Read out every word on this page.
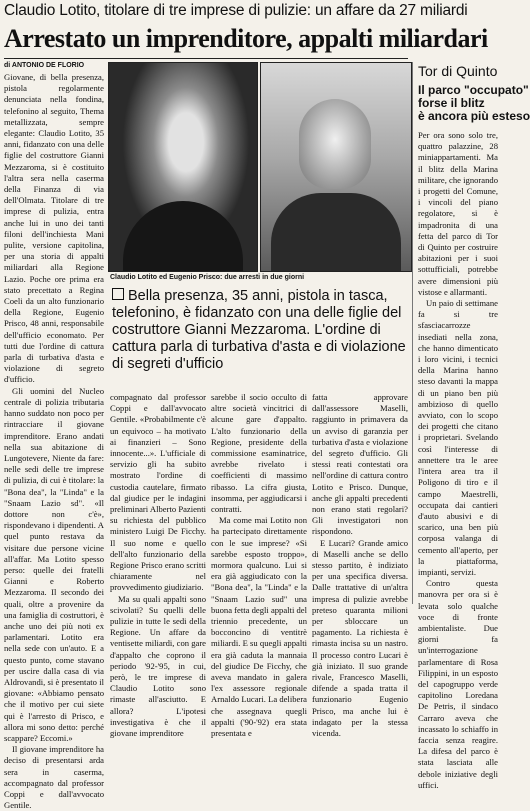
Claudio Lotito, titolare di tre imprese di pulizie: un affare da 27 miliardi
Arrestato un imprenditore, appalti miliardari
di ANTONIO DE FLORIO

Giovane, di bella presenza, pistola regolarmente denunciata nella fondina, telefonino al seguito, Thema metallizzata, sempre elegante: Claudio Lotito, 35 anni, fidanzato con una delle figlie del costruttore Gianni Mezzaroma, si è costituito l'altra sera nella caserma della Finanza di via dell'Olmata. Titolare di tre imprese di pulizia, entra anche lui in uno dei tanti filoni dell'inchiesta Mani pulite, versione capitolina, per una storia di appalti miliardari alla Regione Lazio. Poche ore prima era stato precettato a Regina Coeli da un alto funzionario della Regione, Eugenio Prisco, 48 anni, responsabile dell'ufficio economato. Per tutti due l'ordine di cattura parla di turbativa d'asta e violazione di segreto d'ufficio.

Gli uomini del Nucleo centrale di polizia tributaria hanno suddato non poco per rintracciare il giovane imprenditore. Erano andati nella sua abitazione di Lungotevere, Niente da fare: nelle sedi delle tre imprese di pulizia, di cui è titolare: la "Bona dea", la "Linda" e la "Snaam Lazio sd". «Il dottore non c'è», rispondevano i dipendenti. A quel punto restava da visitare due persone vicine all'affar. Ma Lotito spesso perso: quelle dei fratelli Gianni e Roberto Mezzaroma. Il secondo dei quali, oltre a provenire da una famiglia di costruttori, è anche uno dei più noti ex parlamentari. Lotito era nella sede con un'auto. E a questo punto, come stavano per uscire dalla casa di via Aldrovandi, si è presentato il giovane: «Abbiamo pensato che il motivo per cui siete qui è l'arresto di Prisco, e allora mi sono detto: perché scappare? Eccomi.»

Il giovane imprenditore ha deciso di presentarsi arda sera in caserma, accompagnato dal professor Coppi e dall'avvocato Gentile.

Claudio Lotito ed Eugenio Prisco: due arresti in due giorni
Bella presenza, 35 anni, pistola in tasca, telefonino, è fidanzato con una delle figlie del costruttore Gianni Mezzaroma. L'ordine di cattura parla di turbativa d'asta e di violazione di segreti d'ufficio

compagnato dal professor Coppi e dall'avvocato Gentile. «Probabilmente c'è un equivoco – ha motivato ai finanzieri – Sono innocente...». L'ufficiale di servizio gli ha subito mostrato l'ordine di custodia cautelare, firmato dal giudice per le indagini preliminari Alberto Pazienti su richiesta del pubblico ministero Luigi De Ficchy. Il suo nome e quello dell'alto funzionario della Regione Prisco erano scritti chiaramente nel provvedimento giudiziario.

Ma su quali appalti sono scivolati? Su quelli delle pulizie in tutte le sedi della Regione. Un affare da ventisette miliardi, con gare d'appalto che coprono il periodo '92-'95, in cui, però, le tre imprese di Claudio Lotito sono rimaste all'asciutto. E allora? L'ipotesi investigativa è che il giovane imprenditore

sarebbe il socio occulto di altre società vincitrici di alcune gare d'appalto. L'alto funzionario della Regione, presidente della commissione esaminatrice, avrebbe rivelato i coefficienti di massimo ribasso. La cifra giusta, insomma, per aggiudicarsi i contratti.

Ma come mai Lotito non ha partecipato direttamente con le sue imprese? «Si sarebbe esposto troppo», mormora qualcuno. Lui si era già aggiudicato con la "Bona dea", la "Linda" e la "Snaam Lazio sud" una buona fetta degli appalti del triennio precedente, un bocconcino di ventitrè miliardi. E su quegli appalti era già caduta la mannaia del giudice De Ficchy, che aveva mandato in galera l'ex assessore regionale Arnaldo Lucari. La delibera che assegnava quegli appalti ('90-'92) era stata presentata e

fatta approvare dall'assessore Maselli, raggiunto in primavera da un avviso di garanzia per turbativa d'asta e violazione del segreto d'ufficio. Gli stessi reati contestati ora nell'ordine di cattura contro Lotito e Prisco. Dunque, anche gli appalti precedenti non erano stati regolari? Gli investigatori non rispondono.

E Lucari? Grande amico di Maselli anche se dello stesso partito, è indiziato per una specifica diversa. Dalle trattative di un'altra impresa di pulizie avrebbe preteso quaranta milioni per sbloccare un pagamento. La richiesta è rimasta incisa su un nastro. Il processo contro Lucari è già iniziato. Il suo grande rivale, Francesco Maselli, difende a spada tratta il funzionario Eugenio Prisco, ma anche lui è indagato per la stessa vicenda.

Tor di Quinto
Il parco "occupato"
forse il blitz
è ancora più esteso

Per ora sono solo tre, quattro palazzine, 28 miniappartamenti. Ma il blitz della Marina militare, che ignorando i progetti del Comune, i vincoli del piano regolatore, si è impadronita di una fetta del parco di Tor di Quinto per costruire abitazioni per i suoi sottufficiali, potrebbe avere dimensioni più vistose e allarmanti.

Un paio di settimane fa si tre sfasciacarrozze insediati nella zona, che hanno dimenticato i loro vicini, i tecnici della Marina hanno steso davanti la mappa di un piano ben più ambizioso di quello avviato, con lo scopo dei progetti che citano i proprietari. Svelando così l'interesse di annettere tra le aree l'intera area tra il Poligono di tiro e il campo Maestrelli, occupata dai cantieri d'auto abusivi e di scarico, una ben più corposa valanga di cemento all'aperto, per la piattaforma, impianti, servizi.

Contro questa manovra per ora si è levata solo qualche voce di fronte ambientaliste. Due giorni fa un'interrogazione parlamentare di Rosa Filippini, in un esposto del capogruppo verde capitolino Loredana De Petris, il sindaco Carraro aveva che incassato lo schiaffo in faccia senza reagire. La difesa del parco è stata lasciata alle debole iniziative degli uffici.
